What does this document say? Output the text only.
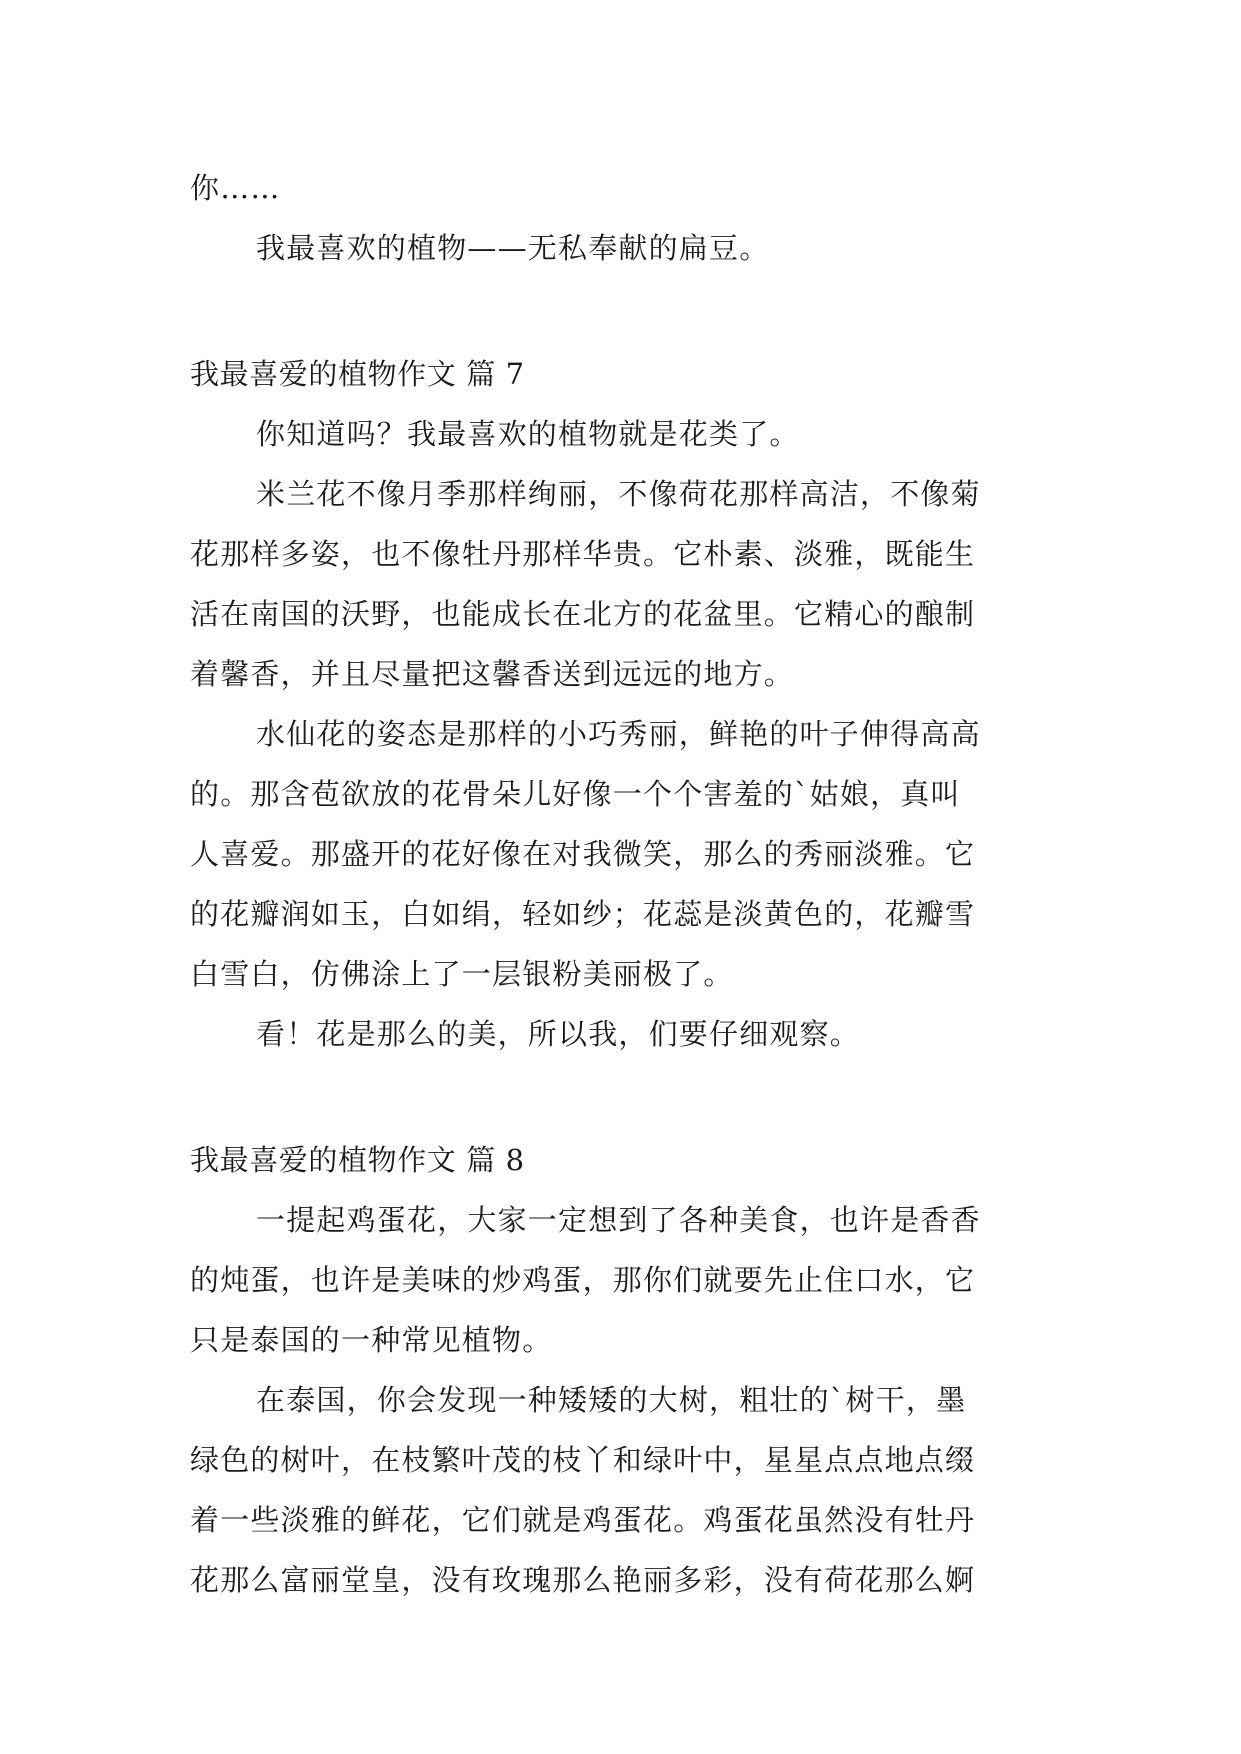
你……
我最喜欢的植物——无私奉献的扁豆。
我最喜爱的植物作文 篇 7
你知道吗？我最喜欢的植物就是花类了。
米兰花不像月季那样绚丽，不像荷花那样高洁，不像菊
花那样多姿，也不像牡丹那样华贵。它朴素、淡雅，既能生
活在南国的沃野，也能成长在北方的花盆里。它精心的酿制
着馨香，并且尽量把这馨香送到远远的地方。
水仙花的姿态是那样的小巧秀丽，鲜艳的叶子伸得高高
的。那含苞欲放的花骨朵儿好像一个个害羞的`姑娘，真叫
人喜爱。那盛开的花好像在对我微笑，那么的秀丽淡雅。它
的花瓣润如玉，白如绢，轻如纱；花蕊是淡黄色的，花瓣雪
白雪白，仿佛涂上了一层银粉美丽极了。
看！花是那么的美，所以我，们要仔细观察。
我最喜爱的植物作文 篇 8
一提起鸡蛋花，大家一定想到了各种美食，也许是香香
的炖蛋，也许是美味的炒鸡蛋，那你们就要先止住口水，它
只是泰国的一种常见植物。
在泰国，你会发现一种矮矮的大树，粗壮的`树干，墨
绿色的树叶，在枝繁叶茂的枝丫和绿叶中，星星点点地点缀
着一些淡雅的鲜花，它们就是鸡蛋花。鸡蛋花虽然没有牡丹
花那么富丽堂皇，没有玫瑰那么艳丽多彩，没有荷花那么婀
